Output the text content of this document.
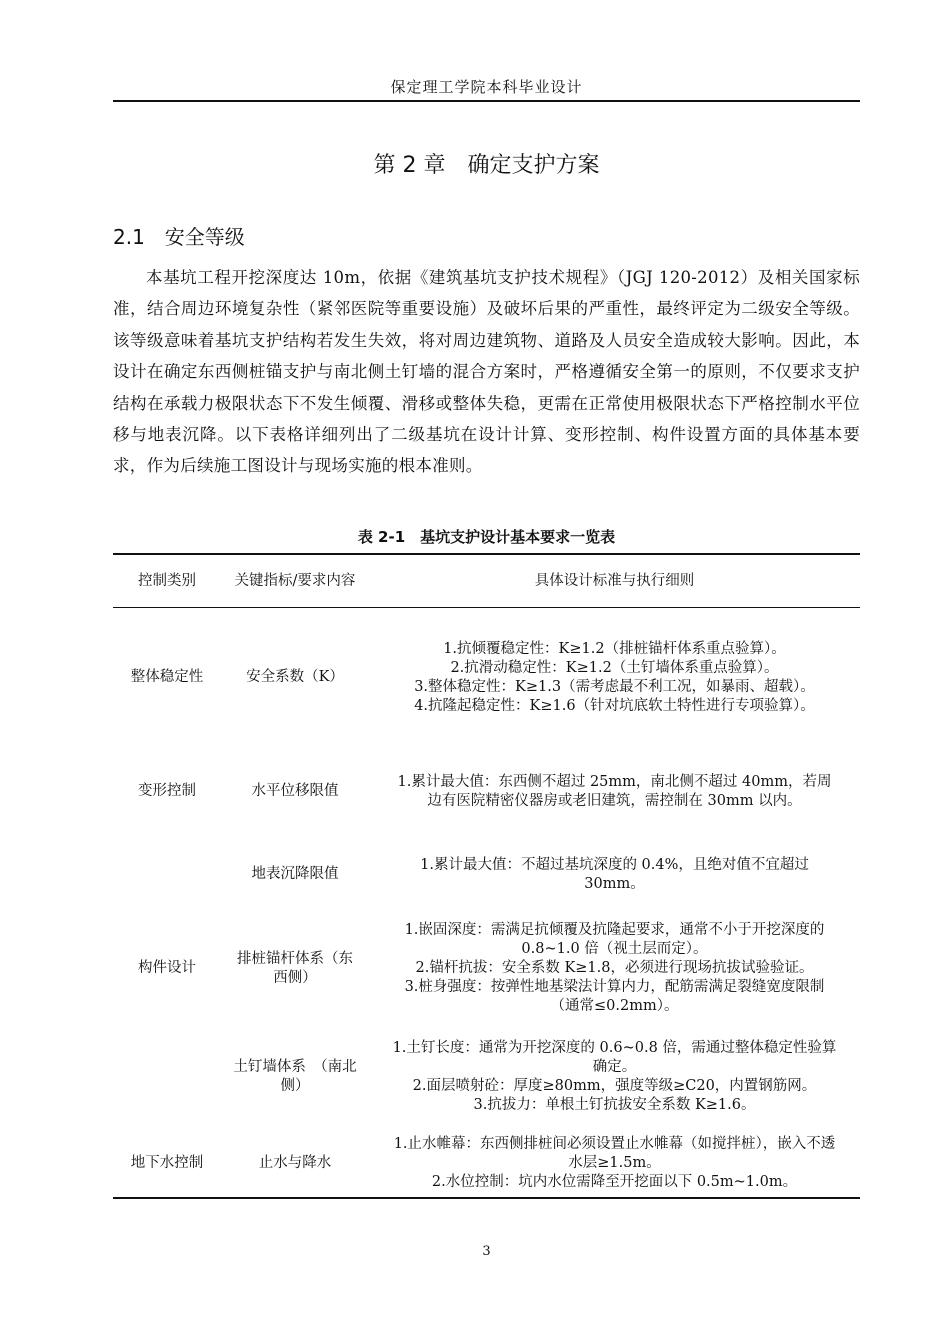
保定理工学院本科毕业设计
第 2 章　确定支护方案
2.1　安全等级

本基坑工程开挖深度达 10m，依据《建筑基坑支护技术规程》（JGJ 120-2012）及相关国家标准，结合周边环境复杂性（紧邻医院等重要设施）及破坏后果的严重性，最终评定为二级安全等级。该等级意味着基坑支护结构若发生失效，将对周边建筑物、道路及人员安全造成较大影响。因此，本设计在确定东西侧桩锚支护与南北侧土钉墙的混合方案时，严格遵循安全第一的原则，不仅要求支护结构在承载力极限状态下不发生倾覆、滑移或整体失稳，更需在正常使用极限状态下严格控制水平位移与地表沉降。以下表格详细列出了二级基坑在设计计算、变形控制、构件设置方面的具体基本要求，作为后续施工图设计与现场实施的根本准则。

表 2-1　基坑支护设计基本要求一览表
控制类别	关键指标/要求内容	具体设计标准与执行细则
整体稳定性	安全系数（K）	1.抗倾覆稳定性：K≥1.2（排桩锚杆体系重点验算）。
2.抗滑动稳定性：K≥1.2（土钉墙体系重点验算）。
3.整体稳定性：K≥1.3（需考虑最不利工况，如暴雨、超载）。
4.抗隆起稳定性：K≥1.6（针对坑底软土特性进行专项验算）。

变形控制	水平位移限值	1.累计最大值：东西侧不超过 25mm，南北侧不超过 40mm，若周边有医院精密仪器房或老旧建筑，需控制在 30mm 以内。

	地表沉降限值	1.累计最大值：不超过基坑深度的 0.4%，且绝对值不宜超过 30mm。

构件设计	排桩锚杆体系（东西侧）	1.嵌固深度：需满足抗倾覆及抗隆起要求，通常不小于开挖深度的 0.8~1.0 倍（视土层而定）。
2.锚杆抗拔：安全系数 K≥1.8，必须进行现场抗拔试验验证。
3.桩身强度：按弹性地基梁法计算内力，配筋需满足裂缝宽度限制（通常≤0.2mm）。

	土钉墙体系　（南北侧）	1.土钉长度：通常为开挖深度的 0.6~0.8 倍，需通过整体稳定性验算确定。
2.面层喷射砼：厚度≥80mm，强度等级≥C20，内置钢筋网。
3.抗拔力：单根土钉抗拔安全系数 K≥1.6。

地下水控制	止水与降水	1.止水帷幕：东西侧排桩间必须设置止水帷幕（如搅拌桩），嵌入不透水层≥1.5m。
2.水位控制：坑内水位需降至开挖面以下 0.5m~1.0m。
3
